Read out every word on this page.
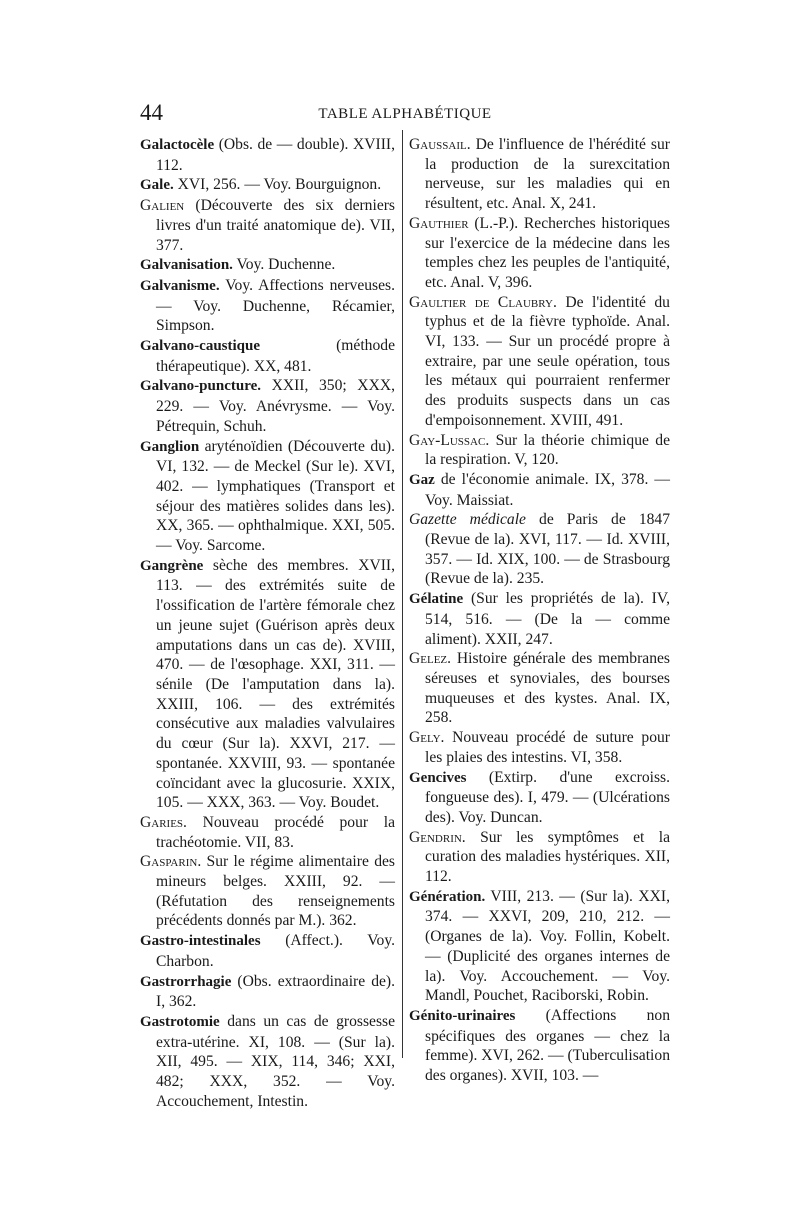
44	TABLE ALPHABÉTIQUE

Galactocèle (Obs. de — double). XVIII, 112.

Gale. XVI, 256. — Voy. Bourguignon.

Galien (Découverte des six derniers livres d'un traité anatomique de). VII, 377.

Galvanisation. Voy. Duchenne.

Galvanisme. Voy. Affections nerveuses. — Voy. Duchenne, Récamier, Simpson.

Galvano-caustique (méthode thérapeutique). XX, 481.

Galvano-puncture. XXII, 350; XXX, 229. — Voy. Anévrysme. — Voy. Pétrequin, Schuh.

Ganglion aryténoïdien (Découverte du). VI, 132. — de Meckel (Sur le). XVI, 402. — lymphatiques (Transport et séjour des matières solides dans les). XX, 365. — ophthalmique. XXI, 505. — Voy. Sarcome.

Gangrène sèche des membres. XVII, 113. — des extrémités suite de l'ossification de l'artère fémorale chez un jeune sujet (Guérison après deux amputations dans un cas de). XVIII, 470. — de l'œsophage. XXI, 311. — sénile (De l'amputation dans la). XXIII, 106. — des extrémités consécutive aux maladies valvulaires du cœur (Sur la). XXVI, 217. — spontanée. XXVIII, 93. — spontanée coïncidant avec la glucosurie. XXIX, 105. — XXX, 363. — Voy. Boudet.

Garies. Nouveau procédé pour la trachéotomie. VII, 83.

Gasparin. Sur le régime alimentaire des mineurs belges. XXIII, 92. — (Réfutation des renseignements précédents donnés par M.). 362.

Gastro-intestinales (Affect.). Voy. Charbon.

Gastrorrhagie (Obs. extraordinaire de). I, 362.

Gastrotomie dans un cas de grossesse extra-utérine. XI, 108. — (Sur la). XII, 495. — XIX, 114, 346; XXI, 482; XXX, 352. — Voy. Accouchement, Intestin.

Gaussail. De l'influence de l'hérédité sur la production de la surexcitation nerveuse, sur les maladies qui en résultent, etc. Anal. X, 241.

Gauthier (L.-P.). Recherches historiques sur l'exercice de la médecine dans les temples chez les peuples de l'antiquité, etc. Anal. V, 396.

Gaultier de Claubry. De l'identité du typhus et de la fièvre typhoïde. Anal. VI, 133. — Sur un procédé propre à extraire, par une seule opération, tous les métaux qui pourraient renfermer des produits suspects dans un cas d'empoisonnement. XVIII, 491.

Gay-Lussac. Sur la théorie chimique de la respiration. V, 120.

Gaz de l'économie animale. IX, 378. — Voy. Maissiat.

Gazette médicale de Paris de 1847 (Revue de la). XVI, 117. — Id. XVIII, 357. — Id. XIX, 100. — de Strasbourg (Revue de la). 235.

Gélatine (Sur les propriétés de la). IV, 514, 516. — (De la — comme aliment). XXII, 247.

Gelez. Histoire générale des membranes séreuses et synoviales, des bourses muqueuses et des kystes. Anal. IX, 258.

Gely. Nouveau procédé de suture pour les plaies des intestins. VI, 358.

Gencives (Extirp. d'une excroiss. fongueuse des). I, 479. — (Ulcérations des). Voy. Duncan.

Gendrin. Sur les symptômes et la curation des maladies hystériques. XII, 112.

Génération. VIII, 213. — (Sur la). XXI, 374. — XXVI, 209, 210, 212. — (Organes de la). Voy. Follin, Kobelt. — (Duplicité des organes internes de la). Voy. Accouchement. — Voy. Mandl, Pouchet, Raciborski, Robin.

Génito-urinaires (Affections non spécifiques des organes — chez la femme). XVI, 262. — (Tuberculisation des organes). XVII, 103. —
